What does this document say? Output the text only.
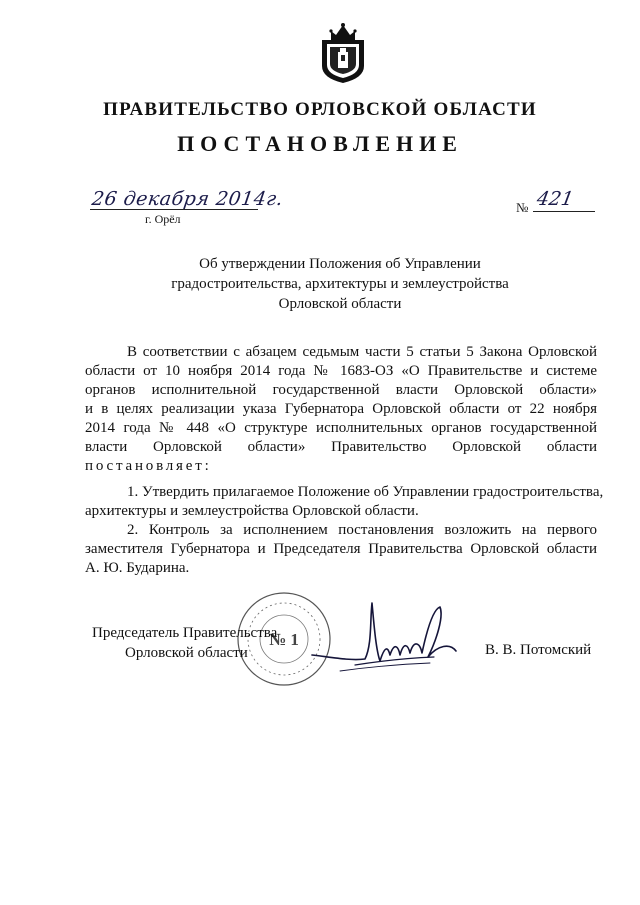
ПРАВИТЕЛЬСТВО ОРЛОВСКОЙ ОБЛАСТИ
ПОСТАНОВЛЕНИЕ
26 декабря 2014г.
г. Орёл
№ 421
Об утверждении Положения об Управлении
градостроительства, архитектуры и землеустройства
Орловской области
В соответствии с абзацем седьмым части 5 статьи 5 Закона Орловской
области от 10 ноября 2014 года № 1683-ОЗ «О Правительстве и системе
органов исполнительной государственной власти Орловской области»
и в целях реализации указа Губернатора Орловской области от 22 ноября
2014 года № 448 «О структуре исполнительных органов государственной
власти Орловской области» Правительство Орловской области
постановляет:
1. Утвердить прилагаемое Положение об Управлении градостроительства,
архитектуры и землеустройства Орловской области.
2. Контроль за исполнением постановления возложить на первого
заместителя Губернатора и Председателя Правительства Орловской области
А. Ю. Бударина.
№ 1
Председатель Правительства
Орловской области	В. В. Потомский
